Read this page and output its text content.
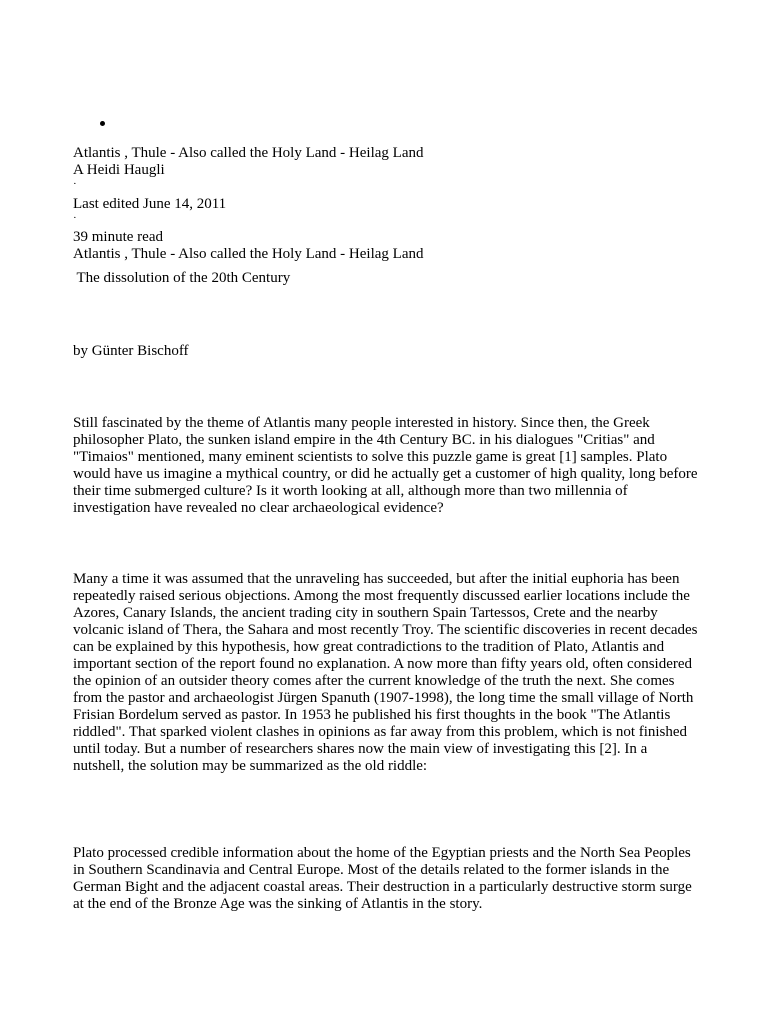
Atlantis , Thule - Also called the Holy Land - Heilag Land
A Heidi Haugli
·
Last edited June 14, 2011
·
39 minute read
Atlantis , Thule - Also called the Holy Land - Heilag Land
The dissolution of the 20th Century
by Günter Bischoff

Still fascinated by the theme of Atlantis many people interested in history. Since then, the Greek philosopher Plato, the sunken island empire in the 4th Century BC. in his dialogues "Critias" and "Timaios" mentioned, many eminent scientists to solve this puzzle game is great [1] samples. Plato would have us imagine a mythical country, or did he actually get a customer of high quality, long before their time submerged culture? Is it worth looking at all, although more than two millennia of investigation have revealed no clear archaeological evidence?

Many a time it was assumed that the unraveling has succeeded, but after the initial euphoria has been repeatedly raised serious objections. Among the most frequently discussed earlier locations include the Azores, Canary Islands, the ancient trading city in southern Spain Tartessos, Crete and the nearby volcanic island of Thera, the Sahara and most recently Troy. The scientific discoveries in recent decades can be explained by this hypothesis, how great contradictions to the tradition of Plato, Atlantis and important section of the report found no explanation. A now more than fifty years old, often considered the opinion of an outsider theory comes after the current knowledge of the truth the next. She comes from the pastor and archaeologist Jürgen Spanuth (1907-1998), the long time the small village of North Frisian Bordelum served as pastor. In 1953 he published his first thoughts in the book "The Atlantis riddled". That sparked violent clashes in opinions as far away from this problem, which is not finished until today. But a number of researchers shares now the main view of investigating this [2]. In a nutshell, the solution may be summarized as the old riddle:

Plato processed credible information about the home of the Egyptian priests and the North Sea Peoples in Southern Scandinavia and Central Europe. Most of the details related to the former islands in the German Bight and the adjacent coastal areas. Their destruction in a particularly destructive storm surge at the end of the Bronze Age was the sinking of Atlantis in the story.
